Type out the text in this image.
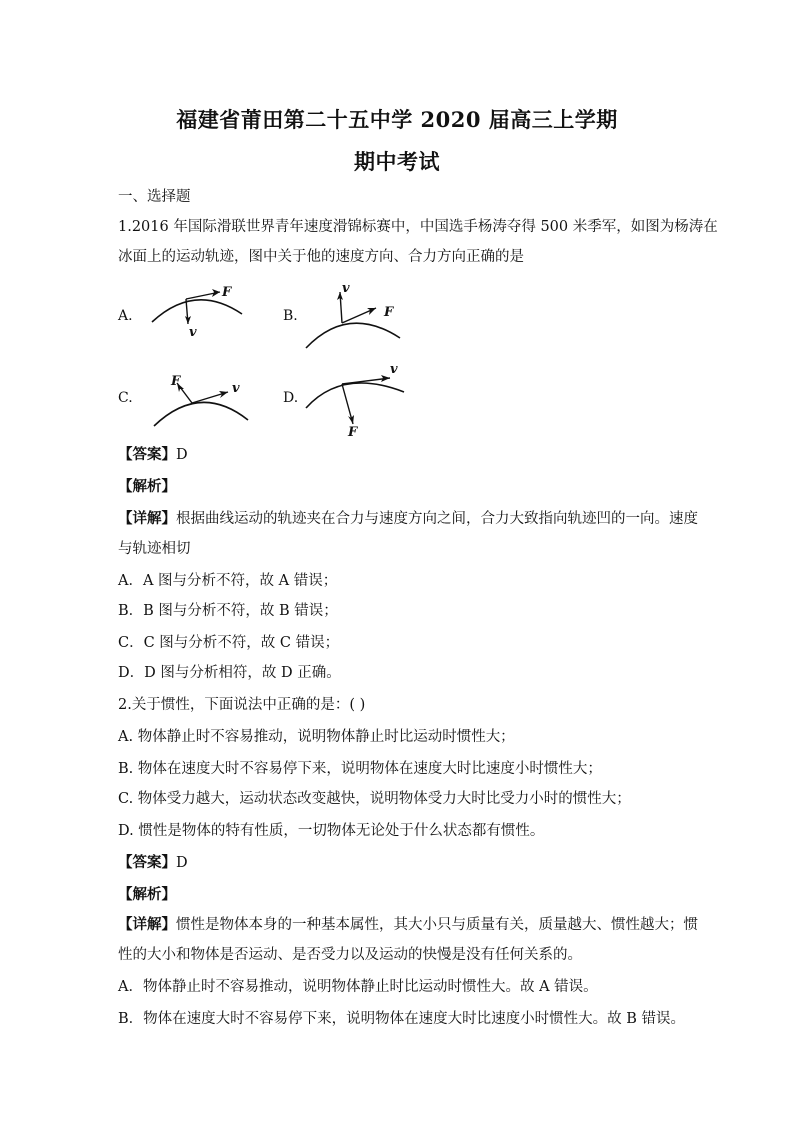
福建省莆田第二十五中学 2020 届高三上学期
期中考试
一、选择题
1.2016 年国际滑联世界青年速度滑锦标赛中，中国选手杨涛夺得 500 米季军，如图为杨涛在
冰面上的运动轨迹，图中关于他的速度方向、合力方向正确的是
A.
F
v
B.
v
F
C.
F	v
D.
v
F
【答案】D
【解析】
【详解】根据曲线运动的轨迹夹在合力与速度方向之间，合力大致指向轨迹凹的一向。速度
与轨迹相切
A．A 图与分析不符，故 A 错误；
B．B 图与分析不符，故 B 错误；
C．C 图与分析不符，故 C 错误；
D．D 图与分析相符，故 D 正确。
2.关于惯性，下面说法中正确的是：( )
A. 物体静止时不容易推动，说明物体静止时比运动时惯性大；
B. 物体在速度大时不容易停下来，说明物体在速度大时比速度小时惯性大；
C. 物体受力越大，运动状态改变越快，说明物体受力大时比受力小时的惯性大；
D. 惯性是物体的特有性质，一切物体无论处于什么状态都有惯性。
【答案】D
【解析】
【详解】惯性是物体本身的一种基本属性，其大小只与质量有关，质量越大、惯性越大；惯
性的大小和物体是否运动、是否受力以及运动的快慢是没有任何关系的。
A．物体静止时不容易推动，说明物体静止时比运动时惯性大。故 A 错误。
B．物体在速度大时不容易停下来，说明物体在速度大时比速度小时惯性大。故 B 错误。
